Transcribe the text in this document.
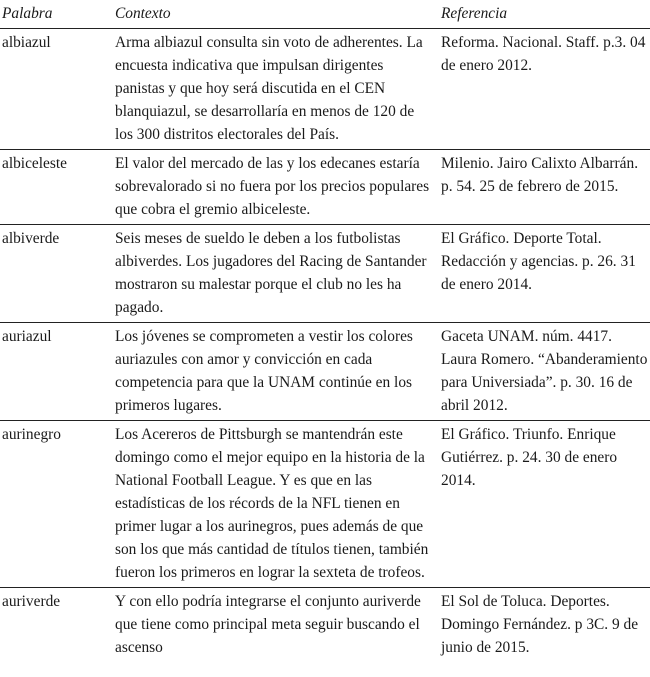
Palabra	Contexto	Referencia
albiazul	Arma albiazul consulta sin voto de adherentes. La encuesta indicativa que impulsan dirigentes panistas y que hoy será discutida en el CEN blanquiazul, se desarrollaría en menos de 120 de los 300 distritos electorales del País.	Reforma. Nacional. Staff. p.3. 04 de enero 2012.
albiceleste	El valor del mercado de las y los edecanes estaría sobrevalorado si no fuera por los precios populares que cobra el gremio albiceleste.	Milenio. Jairo Calixto Albarrán. p. 54. 25 de febrero de 2015.
albiverde	Seis meses de sueldo le deben a los futbolistas albiverdes. Los jugadores del Racing de Santander mostraron su malestar porque el club no les ha pagado.	El Gráfico. Deporte Total. Redacción y agencias. p. 26. 31 de enero 2014.
auriazul	Los jóvenes se comprometen a vestir los colores auriazules con amor y convicción en cada competencia para que la UNAM continúe en los primeros lugares.	Gaceta UNAM. núm. 4417. Laura Romero. “Abanderamiento para Universiada”. p. 30. 16 de abril 2012.
aurinegro	Los Acereros de Pittsburgh se mantendrán este domingo como el mejor equipo en la historia de la National Football League. Y es que en las estadísticas de los récords de la NFL tienen en primer lugar a los aurinegros, pues además de que son los que más cantidad de títulos tienen, también fueron los primeros en lograr la sexteta de trofeos.	El Gráfico. Triunfo. Enrique Gutiérrez. p. 24. 30 de enero 2014.
auriverde	Y con ello podría integrarse el conjunto auriverde que tiene como principal meta seguir buscando el ascenso	El Sol de Toluca. Deportes. Domingo Fernández. p 3C. 9 de junio de 2015.
